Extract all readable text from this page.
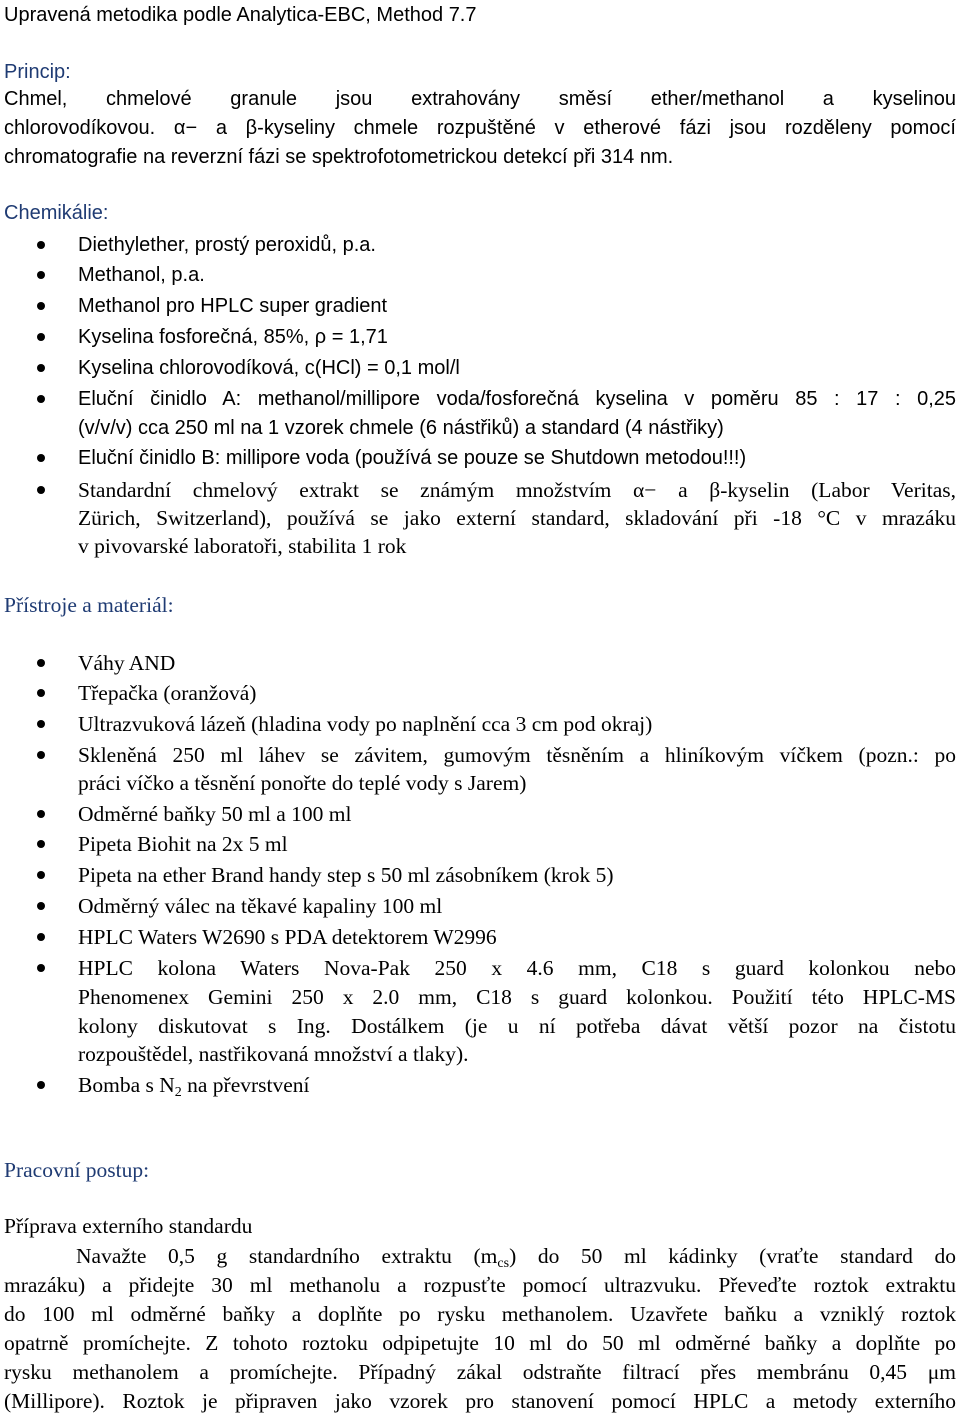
Upravená metodika podle Analytica-EBC, Method 7.7
Princip:
Chmel, chmelové granule jsou extrahovány směsí ether/methanol a kyselinou
chlorovodíkovou. α− a β-kyseliny chmele rozpuštěné v etherové fázi jsou rozděleny pomocí
chromatografie na reverzní fázi se spektrofotometrickou detekcí při 314 nm.
Chemikálie:
Diethylether, prostý peroxidů, p.a.
Methanol, p.a.
Methanol pro HPLC super gradient
Kyselina fosforečná, 85%, ρ = 1,71
Kyselina chlorovodíková, c(HCl) = 0,1 mol/l
Eluční činidlo A: methanol/millipore voda/fosforečná kyselina v poměru 85 : 17 : 0,25
(v/v/v) cca 250 ml na 1 vzorek chmele (6 nástřiků) a standard (4 nástřiky)
Eluční činidlo B: millipore voda (používá se pouze se Shutdown metodou!!!)
Standardní chmelový extrakt se známým množstvím α− a β-kyselin (Labor Veritas,
Zürich, Switzerland), používá se jako externí standard, skladování při -18 °C v mrazáku
v pivovarské laboratoři, stabilita 1 rok
Přístroje a materiál:
Váhy AND
Třepačka (oranžová)
Ultrazvuková lázeň (hladina vody po naplnění cca 3 cm pod okraj)
Skleněná 250 ml láhev se závitem, gumovým těsněním a hliníkovým víčkem (pozn.: po
práci víčko a těsnění ponořte do teplé vody s Jarem)
Odměrné baňky 50 ml a 100 ml
Pipeta Biohit na 2x 5 ml
Pipeta na ether Brand handy step s 50 ml zásobníkem (krok 5)
Odměrný válec na těkavé kapaliny 100 ml
HPLC Waters W2690 s PDA detektorem W2996
HPLC kolona Waters Nova-Pak 250 x 4.6 mm, C18 s guard kolonkou nebo
Phenomenex Gemini 250 x 2.0 mm, C18 s guard kolonkou. Použití této HPLC-MS
kolony diskutovat s Ing. Dostálkem (je u ní potřeba dávat větší pozor na čistotu
rozpouštědel, nastřikovaná množství a tlaky).
Bomba s $N_2$ na převrstvení
Pracovní postup:
Příprava externího standardu
Navažte 0,5 g standardního extraktu $(m_{cs})$ do 50 ml kádinky (vraťte standard do
mrazáku) a přidejte 30 ml methanolu a rozpusťte pomocí ultrazvuku. Převeďte roztok extraktu
do 100 ml odměrné baňky a doplňte po rysku methanolem. Uzavřete baňku a vzniklý roztok
opatrně promíchejte. Z tohoto roztoku odpipetujte 10 ml do 50 ml odměrné baňky a doplňte po
rysku methanolem a promíchejte. Případný zákal odstraňte filtrací přes membránu 0,45 μm
(Millipore). Roztok je připraven jako vzorek pro stanovení pomocí HPLC a metody externího
